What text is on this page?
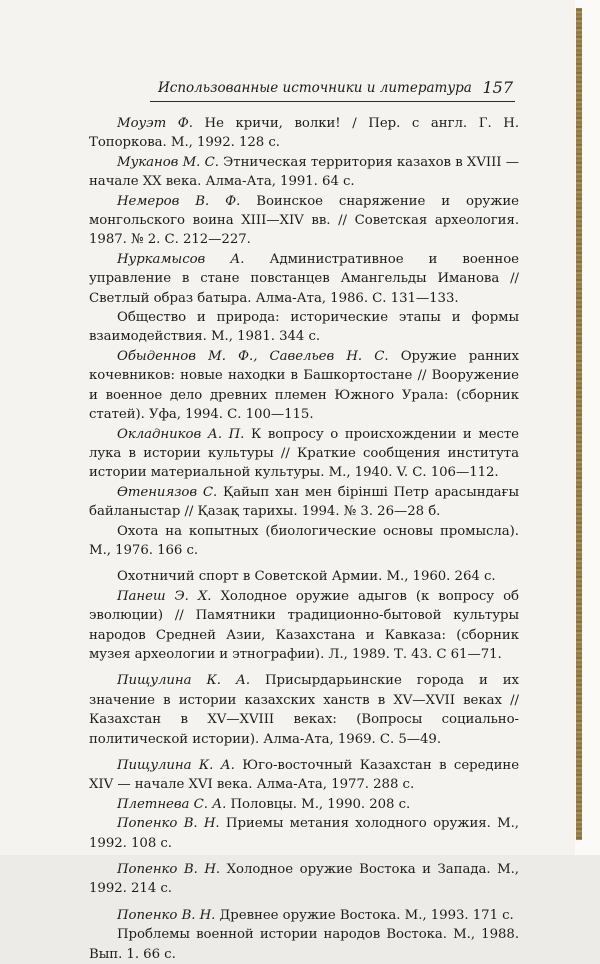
Использованные источники и литература 157

Моуэт Ф. Не кричи, волки! / Пер. с англ. Г. Н. Топоркова. М., 1992. 128 с.

Муканов М. С. Этническая территория казахов в XVIII — начале XX века. Алма-Ата, 1991. 64 с.

Немеров В. Ф. Воинское снаряжение и оружие монгольского воина XIII—XIV вв. // Советская археология. 1987. № 2. С. 212—227.

Нуркамысов А. Административное и военное управление в стане повстанцев Амангельды Иманова // Светлый образ батыра. Алма-Ата, 1986. С. 131—133.

Общество и природа: исторические этапы и формы взаимодействия. М., 1981. 344 с.

Обыденнов М. Ф., Савельев Н. С. Оружие ранних кочевников: новые находки в Башкортостане // Вооружение и военное дело древних племен Южного Урала: (сборник статей). Уфа, 1994. С. 100—115.

Окладников А. П. К вопросу о происхождении и месте лука в истории культуры // Краткие сообщения института истории материальной культуры. М., 1940. V. С. 106—112.

Өтениязов С. Қайып хан мен бірінші Петр арасындағы байланыстар // Қазақ тарихы. 1994. № 3. 26—28 б.

Охота на копытных (биологические основы промысла). М., 1976. 166 с.

Охотничий спорт в Советской Армии. М., 1960. 264 с.

Панеш Э. Х. Холодное оружие адыгов (к вопросу об эволюции) // Памятники традиционно-бытовой культуры народов Средней Азии, Казахстана и Кавказа: (сборник музея археологии и этнографии). Л., 1989. Т. 43. С 61—71.

Пищулина К. А. Присырдарьинские города и их значение в истории казахских ханств в XV—XVII веках // Казахстан в XV—XVIII веках: (Вопросы социально-политической истории). Алма-Ата, 1969. С. 5—49.

Пищулина К. А. Юго-восточный Казахстан в середине XIV — начале XVI века. Алма-Ата, 1977. 288 с.

Плетнева С. А. Половцы. М., 1990. 208 с.

Попенко В. Н. Приемы метания холодного оружия. М., 1992. 108 с.

Попенко В. Н. Холодное оружие Востока и Запада. М., 1992. 214 с.

Попенко В. Н. Древнее оружие Востока. М., 1993. 171 с.

Проблемы военной истории народов Востока. М., 1988. Вып. 1. 66 с.
